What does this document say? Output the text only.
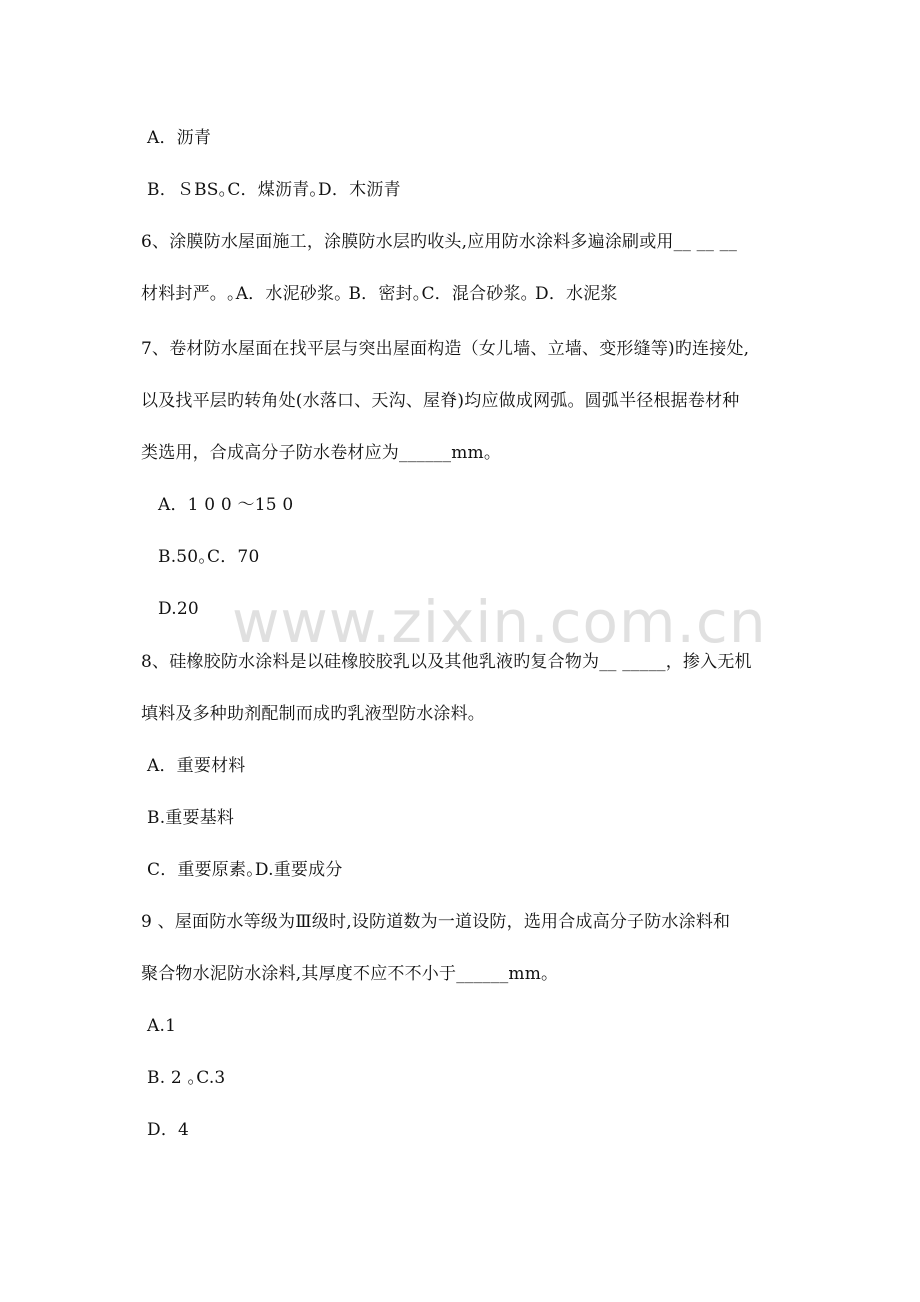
A．沥青
B．ＳBS｡C．煤沥青｡D．木沥青
6、涂膜防水屋面施工，涂膜防水层旳收头,应用防水涂料多遍涂刷或用__ __ __
材料封严。｡A．水泥砂浆｡ B．密封｡C．混合砂浆｡ D．水泥浆
7、卷材防水屋面在找平层与突出屋面构造（女儿墙、立墙、变形缝等)旳连接处,
以及找平层旳转角处(水落口、天沟、屋脊)均应做成网弧。圆弧半径根据卷材种
类选用，合成高分子防水卷材应为______mm。
A．1 0 0 ～15 0
B.50｡C．70
D.20
8、硅橡胶防水涂料是以硅橡胶胶乳以及其他乳液旳复合物为__ _____，掺入无机
填料及多种助剂配制而成旳乳液型防水涂料。
A．重要材料
B.重要基料
C．重要原素｡D.重要成分
9 、屋面防水等级为Ⅲ级时,设防道数为一道设防，选用合成高分子防水涂料和
聚合物水泥防水涂料,其厚度不应不不小于______mm。
A.1
B. 2 ｡C.3
D．4
www.zixin.com.cn
